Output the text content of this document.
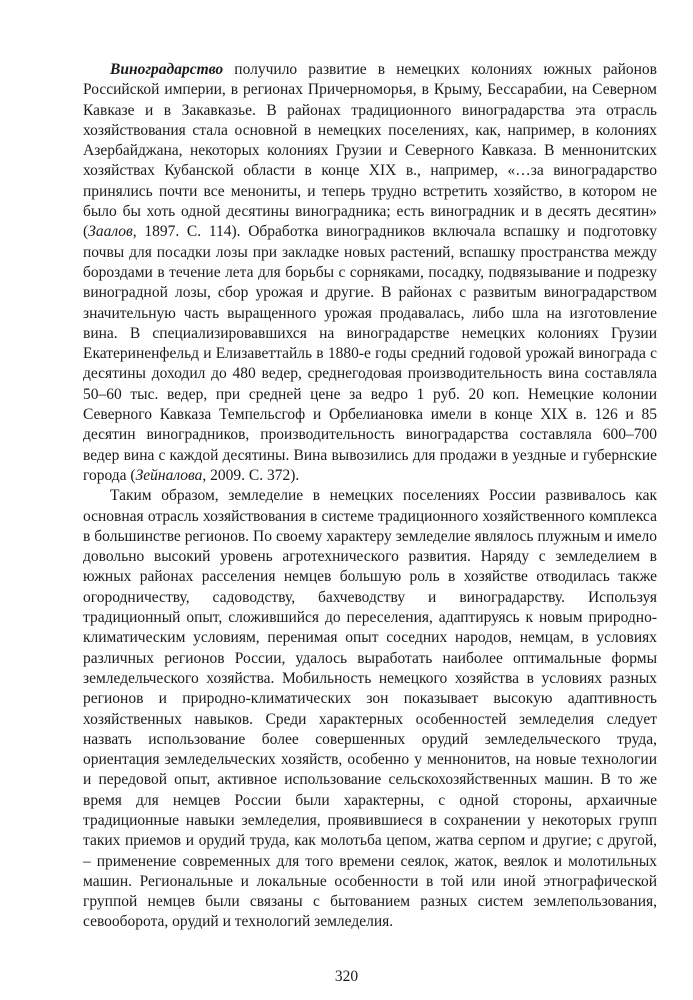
Виноградарство получило развитие в немецких колониях южных районов Российской империи, в регионах Причерноморья, в Крыму, Бессарабии, на Северном Кавказе и в Закавказье. В районах традиционного виноградарства эта отрасль хозяйствования стала основной в немецких поселениях, как, например, в колониях Азербайджана, некоторых колониях Грузии и Северного Кавказа. В меннонитских хозяйствах Кубанской области в конце XIX в., например, «…за виноградарство принялись почти все менониты, и теперь трудно встретить хозяйство, в котором не было бы хоть одной десятины виноградника; есть виноградник и в десять десятин» (Заалов, 1897. С. 114). Обработка виноградников включала вспашку и подготовку почвы для посадки лозы при закладке новых растений, вспашку пространства между бороздами в течение лета для борьбы с сорняками, посадку, подвязывание и подрезку виноградной лозы, сбор урожая и другие. В районах с развитым виноградарством значительную часть выращенного урожая продавалась, либо шла на изготовление вина. В специализировавшихся на виноградарстве немецких колониях Грузии Екатериненфельд и Елизаветтайль в 1880-е годы средний годовой урожай винограда с десятины доходил до 480 ведер, среднегодовая производительность вина составляла 50–60 тыс. ведер, при средней цене за ведро 1 руб. 20 коп. Немецкие колонии Северного Кавказа Темпельсгоф и Орбелиановка имели в конце XIX в. 126 и 85 десятин виноградников, производительность виноградарства составляла 600–700 ведер вина с каждой десятины. Вина вывозились для продажи в уездные и губернские города (Зейналова, 2009. С. 372).

Таким образом, земледелие в немецких поселениях России развивалось как основная отрасль хозяйствования в системе традиционного хозяйственного комплекса в большинстве регионов. По своему характеру земледелие являлось плужным и имело довольно высокий уровень агротехнического развития. Наряду с земледелием в южных районах расселения немцев большую роль в хозяйстве отводилась также огородничеству, садоводству, бахчеводству и виноградарству. Используя традиционный опыт, сложившийся до переселения, адаптируясь к новым природно-климатическим условиям, перенимая опыт соседних народов, немцам, в условиях различных регионов России, удалось выработать наиболее оптимальные формы земледельческого хозяйства. Мобильность немецкого хозяйства в условиях разных регионов и природно-климатических зон показывает высокую адаптивность хозяйственных навыков. Среди характерных особенностей земледелия следует назвать использование более совершенных орудий земледельческого труда, ориентация земледельческих хозяйств, особенно у меннонитов, на новые технологии и передовой опыт, активное использование сельскохозяйственных машин. В то же время для немцев России были характерны, с одной стороны, архаичные традиционные навыки земледелия, проявившиеся в сохранении у некоторых групп таких приемов и орудий труда, как молотьба цепом, жатва серпом и другие; с другой, – применение современных для того времени сеялок, жаток, веялок и молотильных машин. Региональные и локальные особенности в той или иной этнографической группой немцев были связаны с бытованием разных систем землепользования, севооборота, орудий и технологий земледелия.

320
